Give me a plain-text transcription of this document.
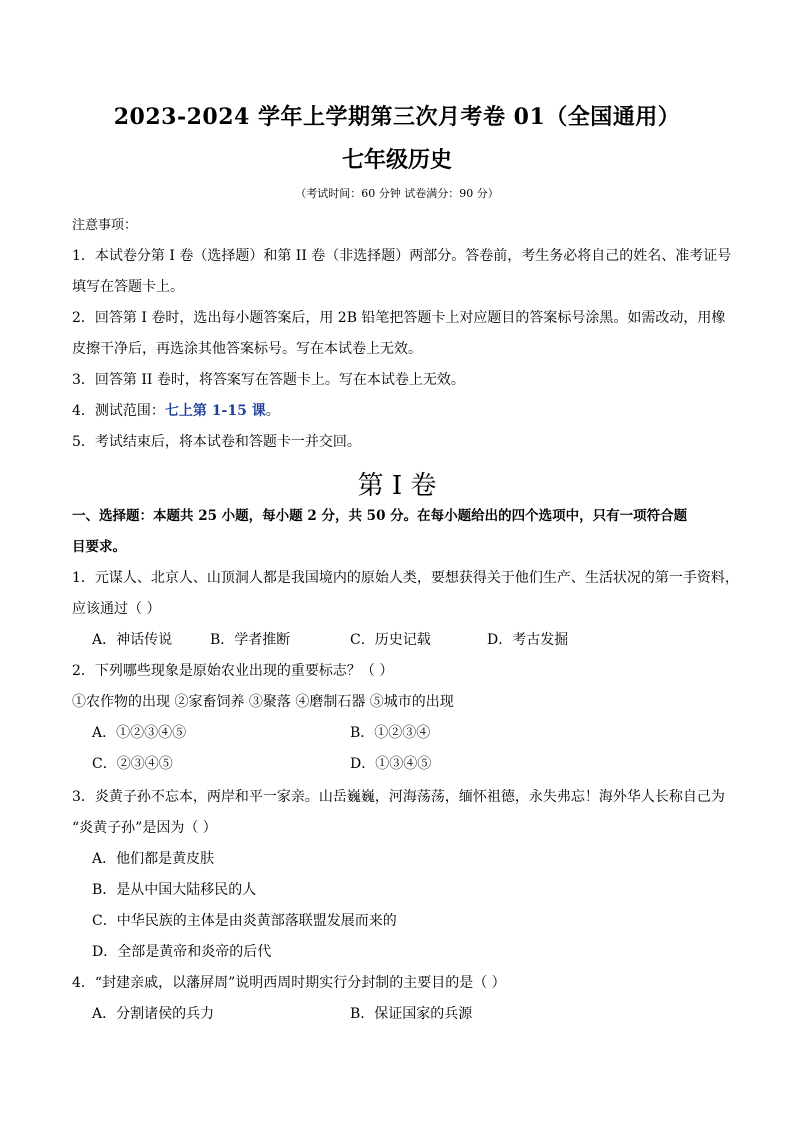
2023-2024 学年上学期第三次月考卷 01（全国通用）
七年级历史
（考试时间：60 分钟 试卷满分：90 分）
注意事项：
1．本试卷分第 I 卷（选择题）和第 II 卷（非选择题）两部分。答卷前，考生务必将自己的姓名、准考证号
填写在答题卡上。
2．回答第 I 卷时，选出每小题答案后，用 2B 铅笔把答题卡上对应题目的答案标号涂黑。如需改动，用橡
皮擦干净后，再选涂其他答案标号。写在本试卷上无效。
3．回答第 II 卷时，将答案写在答题卡上。写在本试卷上无效。
4．测试范围：七上第 1-15 课。
5．考试结束后，将本试卷和答题卡一并交回。
第 I 卷
一、选择题：本题共 25 小题，每小题 2 分，共 50 分。在每小题给出的四个选项中，只有一项符合题
目要求。
1．元谋人、北京人、山顶洞人都是我国境内的原始人类，要想获得关于他们生产、生活状况的第一手资料，
应该通过（ ）
A．神话传说	B．学者推断	C．历史记载	D．考古发掘
2．下列哪些现象是原始农业出现的重要标志？（ ）
①农作物的出现 ②家畜饲养 ③聚落 ④磨制石器 ⑤城市的出现
A．①②③④⑤	B．①②③④
C．②③④⑤	D．①③④⑤
3．炎黄子孙不忘本，两岸和平一家亲。山岳巍巍，河海荡荡，缅怀祖德，永失弗忘！海外华人长称自己为
“炎黄子孙”是因为（ ）
A．他们都是黄皮肤
B．是从中国大陆移民的人
C．中华民族的主体是由炎黄部落联盟发展而来的
D．全部是黄帝和炎帝的后代
4．“封建亲戚，以藩屏周”说明西周时期实行分封制的主要目的是（ ）
A．分割诸侯的兵力	B．保证国家的兵源
